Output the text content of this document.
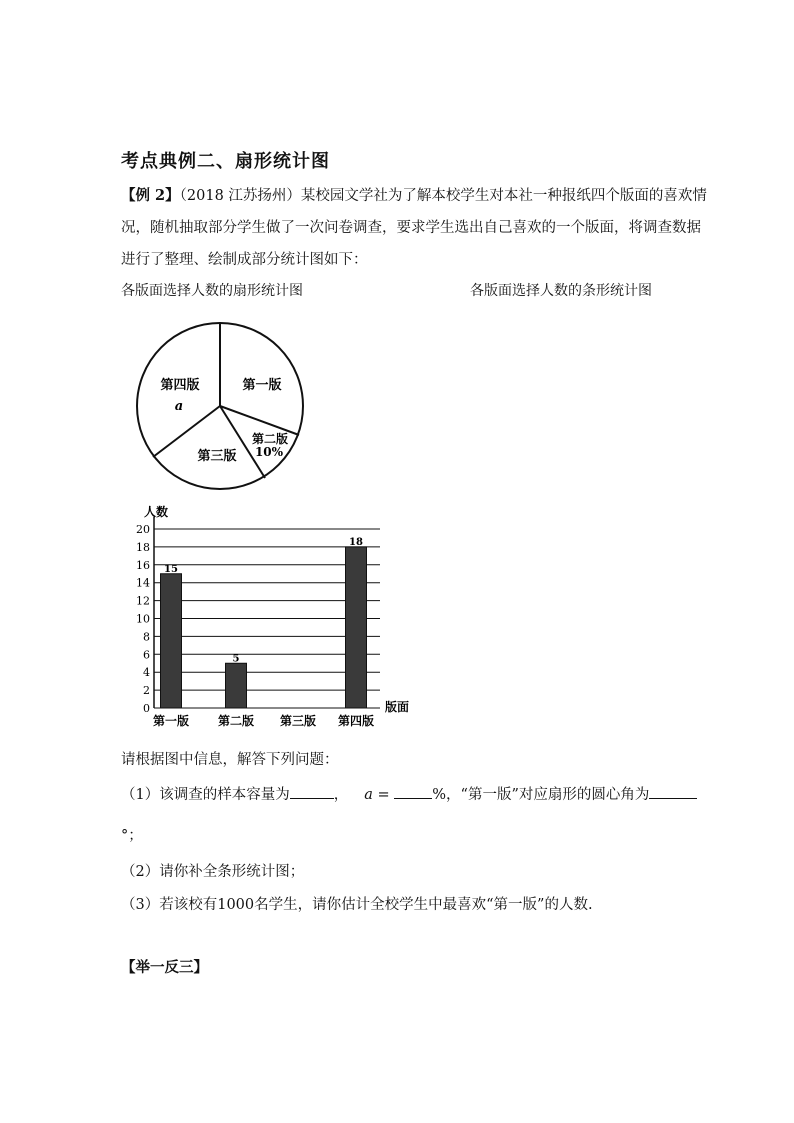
考点典例二、扇形统计图
【例 2】（2018 江苏扬州）某校园文学社为了解本校学生对本社一种报纸四个版面的喜欢情
况，随机抽取部分学生做了一次问卷调查，要求学生选出自己喜欢的一个版面，将调查数据
进行了整理、绘制成部分统计图如下：
各版面选择人数的扇形统计图	各版面选择人数的条形统计图
第一版
第二版
10%
第三版
第四版
a
人数
0
2
4
6
8
10
12
14
16
18
20
15
第一版
5
第二版 第三版
18
第四版
版面
请根据图中信息，解答下列问题：
（1）该调查的样本容量为	， a =	%，“第一版”对应扇形的圆心角为
°；
（2）请你补全条形统计图；
（3）若该校有1000名学生，请你估计全校学生中最喜欢“第一版”的人数.
【举一反三】
